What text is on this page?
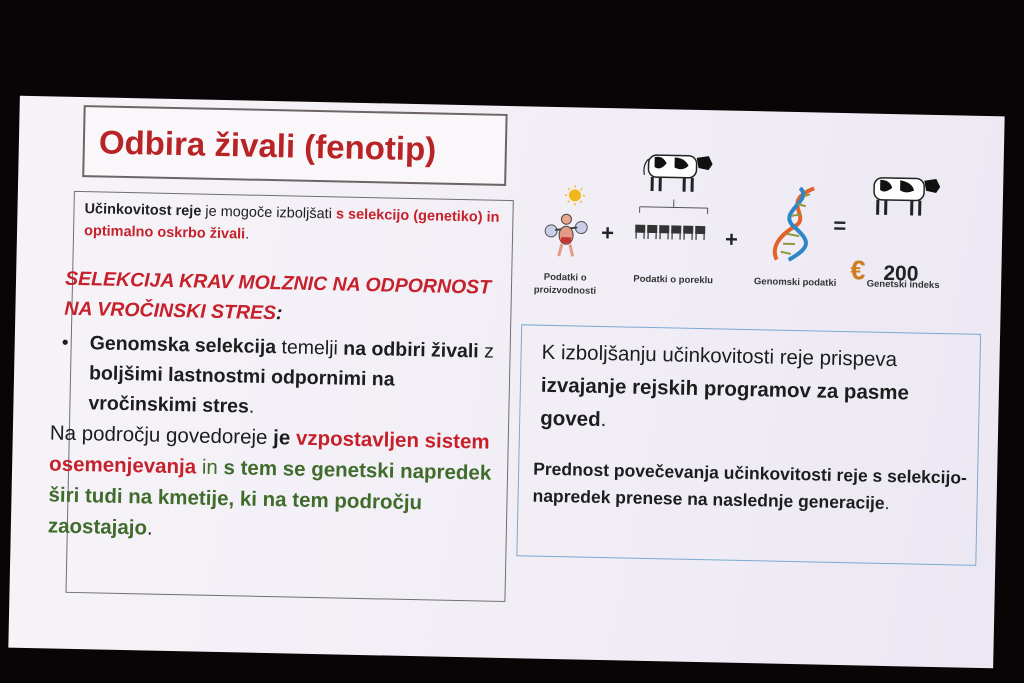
Odbira živali (fenotip)
Učinkovitost reje je mogoče izboljšati s selekcijo (genetiko) in optimalno oskrbo živali.
SELEKCIJA KRAV MOLZNIC NA ODPORNOST NA VROČINSKI STRES:
• Genomska selekcija temelji na odbiri živali z boljšimi lastnostmi odpornimi na vročinskimi stres.
Na področju govedoreje je vzpostavljen sistem osemenjevanja in s tem se genetski napredek širi tudi na kmetije, ki na tem področju zaostajajo.
+	+
=
€ 200
Podatki o proizvodnosti
Podatki o poreklu	Genomski podatki	Genetski indeks
K izboljšanju učinkovitosti reje prispeva izvajanje rejskih programov za pasme goved.
Prednost povečevanja učinkovitosti reje s selekcijo- napredek prenese na naslednje generacije.
